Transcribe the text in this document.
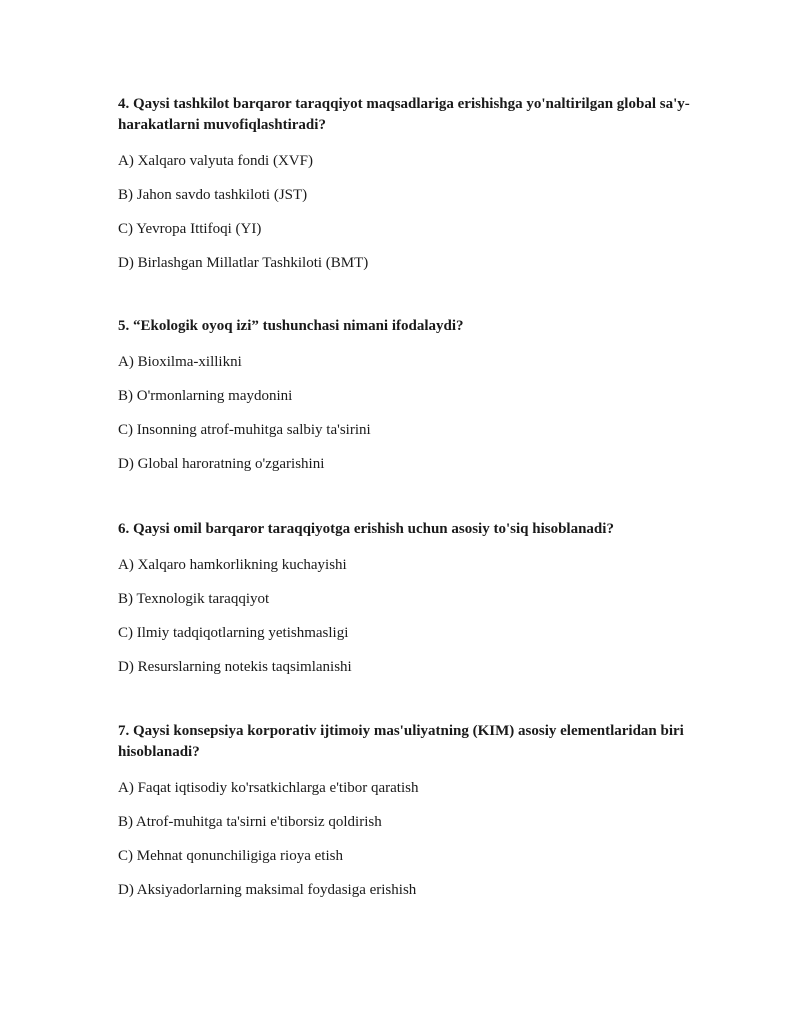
4. Qaysi tashkilot barqaror taraqqiyot maqsadlariga erishishga yo'naltirilgan global sa'y-harakatlarni muvofiqlashtiradi?

A) Xalqaro valyuta fondi (XVF)
B) Jahon savdo tashkiloti (JST)
C) Yevropa Ittifoqi (YI)
D) Birlashgan Millatlar Tashkiloti (BMT)

5. “Ekologik oyoq izi” tushunchasi nimani ifodalaydi?

A) Bioxilma-xillikni
B) O'rmonlarning maydonini
C) Insonning atrof-muhitga salbiy ta'sirini
D) Global haroratning o'zgarishini

6. Qaysi omil barqaror taraqqiyotga erishish uchun asosiy to'siq hisoblanadi?

A) Xalqaro hamkorlikning kuchayishi
B) Texnologik taraqqiyot
C) Ilmiy tadqiqotlarning yetishmasligi
D) Resurslarning notekis taqsimlanishi

7. Qaysi konsepsiya korporativ ijtimoiy mas'uliyatning (KIM) asosiy elementlaridan biri hisoblanadi?

A) Faqat iqtisodiy ko'rsatkichlarga e'tibor qaratish
B) Atrof-muhitga ta'sirni e'tiborsiz qoldirish
C) Mehnat qonunchiligiga rioya etish
D) Aksiyadorlarning maksimal foydasiga erishish
